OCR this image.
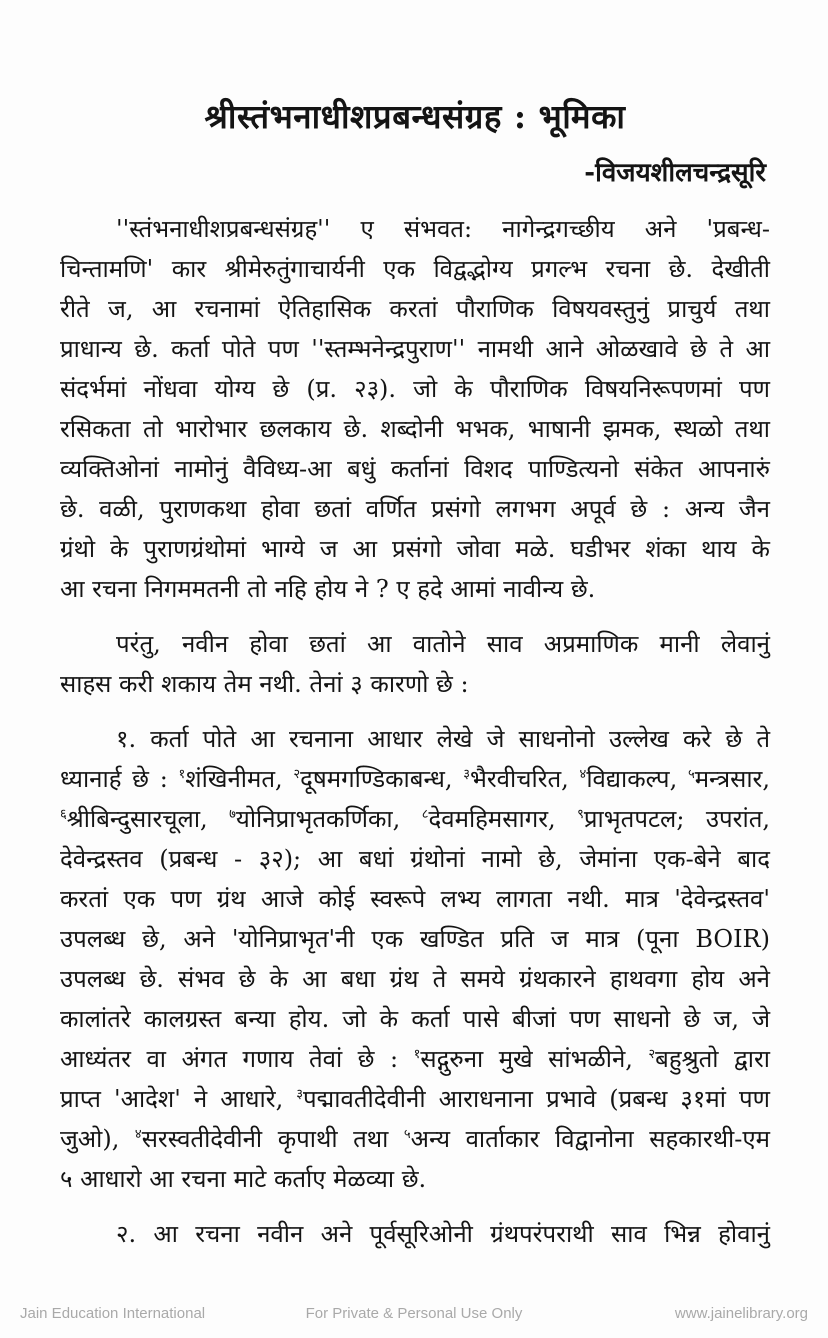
श्रीस्तंभनाधीशप्रबन्धसंग्रह : भूमिका
-विजयशीलचन्द्रसूरि
''स्तंभनाधीशप्रबन्धसंग्रह'' ए संभवत: नागेन्द्रगच्छीय अने 'प्रबन्ध-
चिन्तामणि' कार श्रीमेरुतुंगाचार्यनी एक विद्वद्भोग्य प्रगल्भ रचना छे. देखीती
रीते ज, आ रचनामां ऐतिहासिक करतां पौराणिक विषयवस्तुनुं प्राचुर्य तथा
प्राधान्य छे. कर्ता पोते पण ''स्तम्भनेन्द्रपुराण'' नामथी आने ओळखावे छे ते आ
संदर्भमां नोंधवा योग्य छे (प्र. २३). जो के पौराणिक विषयनिरूपणमां पण
रसिकता तो भारोभार छलकाय छे. शब्दोनी भभक, भाषानी झमक, स्थळो तथा
व्यक्तिओनां नामोनुं वैविध्य-आ बधुं कर्तानां विशद पाण्डित्यनो संकेत आपनारुं
छे. वळी, पुराणकथा होवा छतां वर्णित प्रसंगो लगभग अपूर्व छे : अन्य जैन
ग्रंथो के पुराणग्रंथोमां भाग्ये ज आ प्रसंगो जोवा मळे. घडीभर शंका थाय के
आ रचना निगममतनी तो नहि होय ने ? ए हदे आमां नावीन्य छे.
परंतु, नवीन होवा छतां आ वातोने साव अप्रमाणिक मानी लेवानुं
साहस करी शकाय तेम नथी. तेनां ३ कारणो छे :
१. कर्ता पोते आ रचनाना आधार लेखे जे साधनोनो उल्लेख करे छे ते
ध्यानार्ह छे : $^१$शंखिनीमत, $^२$दूषमगण्डिकाबन्ध, $^३$भैरवीचरित, $^४$विद्याकल्प, $^५$मन्त्रसार,
$^६$श्रीबिन्दुसारचूला, $^७$योनिप्राभृतकर्णिका, $^८$देवमहिमसागर, $^९$प्राभृतपटल; उपरांत,
देवेन्द्रस्तव (प्रबन्ध - ३२); आ बधां ग्रंथोनां नामो छे, जेमांना एक-बेने बाद
करतां एक पण ग्रंथ आजे कोई स्वरूपे लभ्य लागता नथी. मात्र 'देवेन्द्रस्तव'
उपलब्ध छे, अने 'योनिप्राभृत'नी एक खण्डित प्रति ज मात्र (पूना BOIR)
उपलब्ध छे. संभव छे के आ बधा ग्रंथ ते समये ग्रंथकारने हाथवगा होय अने
कालांतरे कालग्रस्त बन्या होय. जो के कर्ता पासे बीजां पण साधनो छे ज, जे
आध्यंतर वा अंगत गणाय तेवां छे : $^१$सद्गुरुना मुखे सांभळीने, $^२$बहुश्रुतो द्वारा
प्राप्त 'आदेश' ने आधारे, $^३$पद्मावतीदेवीनी आराधनाना प्रभावे (प्रबन्ध ३१मां पण
जुओ), $^४$सरस्वतीदेवीनी कृपाथी तथा $^५$अन्य वार्ताकार विद्वानोना सहकारथी-एम
५ आधारो आ रचना माटे कर्ताए मेळव्या छे.
२. आ रचना नवीन अने पूर्वसूरिओनी ग्रंथपरंपराथी साव भिन्न होवानुं
Jain Education International	For Private & Personal Use Only	www.jainelibrary.org
